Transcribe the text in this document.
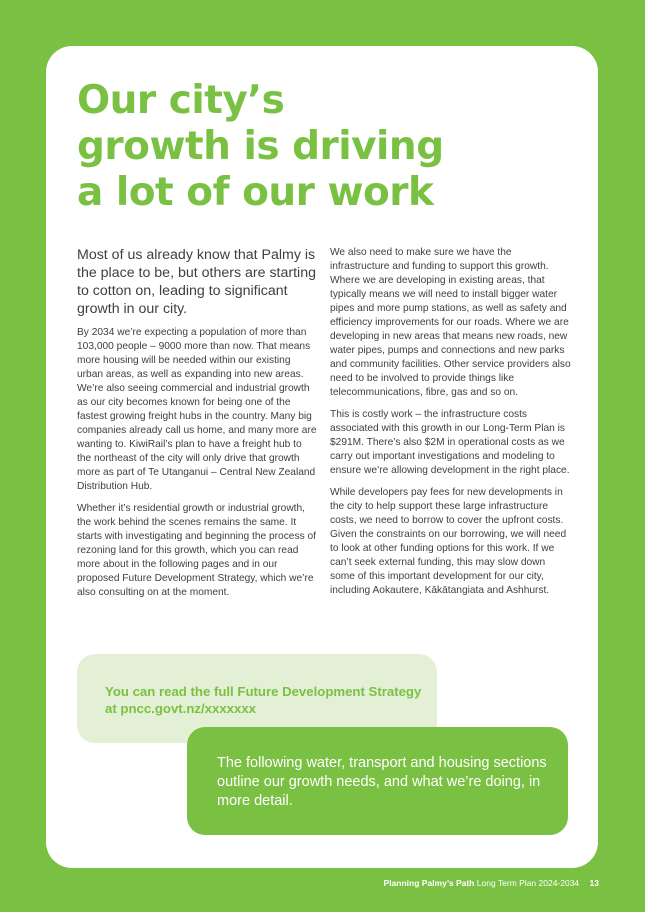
Our city’s
growth is driving
a lot of our work

Most of us already know that Palmy is the place to be, but others are starting to cotton on, leading to significant growth in our city.

By 2034 we’re expecting a population of more than 103,000 people – 9000 more than now. That means more housing will be needed within our existing urban areas, as well as expanding into new areas. We’re also seeing commercial and industrial growth as our city becomes known for being one of the fastest growing freight hubs in the country. Many big companies already call us home, and many more are wanting to. KiwiRail’s plan to have a freight hub to the northeast of the city will only drive that growth more as part of Te Utanganui – Central New Zealand Distribution Hub.

Whether it’s residential growth or industrial growth, the work behind the scenes remains the same. It starts with investigating and beginning the process of rezoning land for this growth, which you can read more about in the following pages and in our proposed Future Development Strategy, which we’re also consulting on at the moment.

We also need to make sure we have the infrastructure and funding to support this growth. Where we are developing in existing areas, that typically means we will need to install bigger water pipes and more pump stations, as well as safety and efficiency improvements for our roads. Where we are developing in new areas that means new roads, new water pipes, pumps and connections and new parks and community facilities. Other service providers also need to be involved to provide things like telecommunications, fibre, gas and so on.

This is costly work – the infrastructure costs associated with this growth in our Long-Term Plan is $291M. There’s also $2M in operational costs as we carry out important investigations and modeling to ensure we’re allowing development in the right place.

While developers pay fees for new developments in the city to help support these large infrastructure costs, we need to borrow to cover the upfront costs. Given the constraints on our borrowing, we will need to look at other funding options for this work. If we can’t seek external funding, this may slow down some of this important development for our city, including Aokautere, Kākātangiata and Ashhurst.

You can read the full Future Development Strategy at pncc.govt.nz/xxxxxxx
The following water, transport and housing sections outline our growth needs, and what we’re doing, in more detail.
Planning Palmy’s Path Long Term Plan 2024-2034 13
